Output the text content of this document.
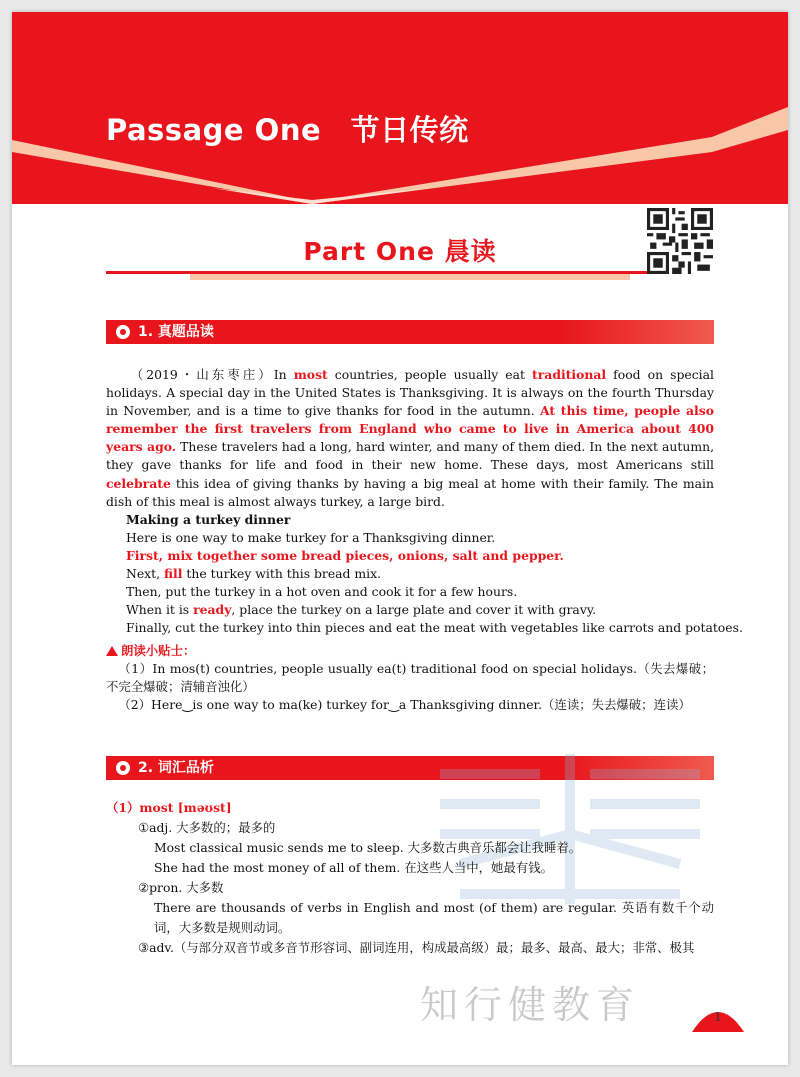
Passage One　节日传统
Part One 晨读
1. 真题品读

（2019・山东枣庄）In most countries, people usually eat traditional food on special holidays. A special day in the United States is Thanksgiving. It is always on the fourth Thursday in November, and is a time to give thanks for food in the autumn. At this time, people also remember the first travelers from England who came to live in America about 400 years ago. These travelers had a long, hard winter, and many of them died. In the next autumn, they gave thanks for life and food in their new home. These days, most Americans still celebrate this idea of giving thanks by having a big meal at home with their family. The main dish of this meal is almost always turkey, a large bird.

Making a turkey dinner

Here is one way to make turkey for a Thanksgiving dinner.

First, mix together some bread pieces, onions, salt and pepper.

Next, fill the turkey with this bread mix.

Then, put the turkey in a hot oven and cook it for a few hours.

When it is ready, place the turkey on a large plate and cover it with gravy.

Finally, cut the turkey into thin pieces and eat the meat with vegetables like carrots and potatoes.

朗读小贴士：

（1）In mos(t) countries, people usually ea(t) traditional food on special holidays.（失去爆破；不完全爆破；清辅音浊化）

（2）Here‿is one way to ma(ke) turkey for‿a Thanksgiving dinner.（连读；失去爆破；连读）

2. 词汇品析

（1）most [məʊst]

①adj. 大多数的；最多的

Most classical music sends me to sleep. 大多数古典音乐都会让我睡着。

She had the most money of all of them. 在这些人当中，她最有钱。

②pron. 大多数

There are thousands of verbs in English and most (of them) are regular. 英语有数千个动词，大多数是规则动词。

③adv.（与部分双音节或多音节形容词、副词连用，构成最高级）最；最多、最高、最大；非常、极其

知行健教育	1
